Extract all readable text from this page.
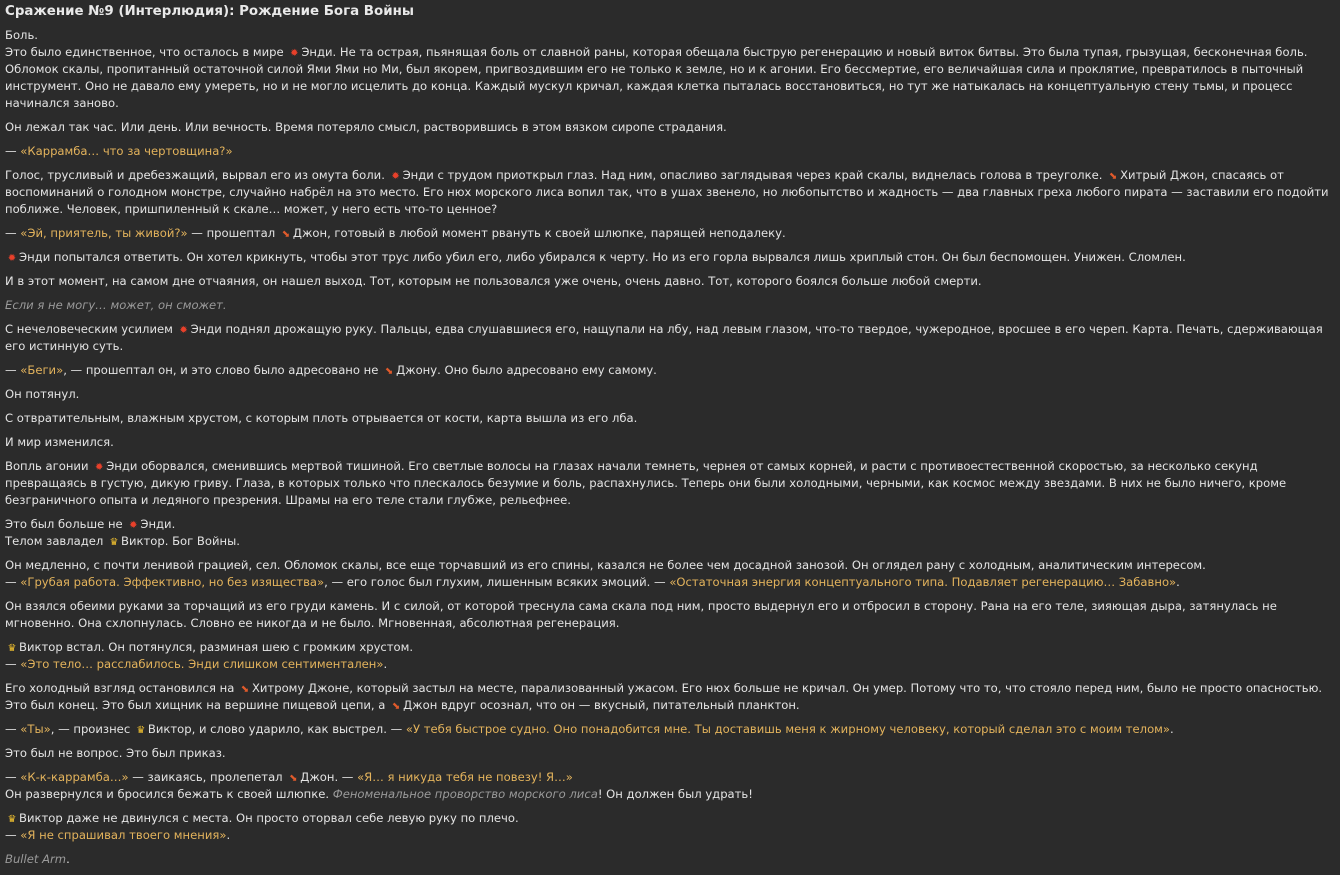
Сражение №9 (Интерлюдия): Рождение Бога Войны

Боль.
Это было единственное, что осталось в мире ✹ Энди. Не та острая, пьянящая боль от славной раны, которая обещала быструю регенерацию и новый виток битвы. Это была тупая, грызущая, бесконечная боль. Обломок скалы, пропитанный остаточной силой Ями Ями но Ми, был якорем, пригвоздившим его не только к земле, но и к агонии. Его бессмертие, его величайшая сила и проклятие, превратилось в пыточный инструмент. Оно не давало ему умереть, но и не могло исцелить до конца. Каждый мускул кричал, каждая клетка пыталась восстановиться, но тут же натыкалась на концептуальную стену тьмы, и процесс начинался заново.

Он лежал так час. Или день. Или вечность. Время потеряло смысл, растворившись в этом вязком сиропе страдания.

— «Каррамба… что за чертовщина?»

Голос, трусливый и дребезжащий, вырвал его из омута боли. ✹ Энди с трудом приоткрыл глаз. Над ним, опасливо заглядывая через край скалы, виднелась голова в треуголке. ⬊ Хитрый Джон, спасаясь от воспоминаний о голодном монстре, случайно набрёл на это место. Его нюх морского лиса вопил так, что в ушах звенело, но любопытство и жадность — два главных греха любого пирата — заставили его подойти поближе. Человек, пришпиленный к скале… может, у него есть что-то ценное?

— «Эй, приятель, ты живой?» — прошептал ⬊ Джон, готовый в любой момент рвануть к своей шлюпке, парящей неподалеку.

✹ Энди попытался ответить. Он хотел крикнуть, чтобы этот трус либо убил его, либо убирался к черту. Но из его горла вырвался лишь хриплый стон. Он был беспомощен. Унижен. Сломлен.

И в этот момент, на самом дне отчаяния, он нашел выход. Тот, которым не пользовался уже очень, очень давно. Тот, которого боялся больше любой смерти.

Если я не могу… может, он сможет.

С нечеловеческим усилием ✹ Энди поднял дрожащую руку. Пальцы, едва слушавшиеся его, нащупали на лбу, над левым глазом, что-то твердое, чужеродное, вросшее в его череп. Карта. Печать, сдерживающая его истинную суть.

— «Беги», — прошептал он, и это слово было адресовано не ⬊ Джону. Оно было адресовано ему самому.

Он потянул.

С отвратительным, влажным хрустом, с которым плоть отрывается от кости, карта вышла из его лба.

И мир изменился.

Вопль агонии ✹ Энди оборвался, сменившись мертвой тишиной. Его светлые волосы на глазах начали темнеть, чернея от самых корней, и расти с противоестественной скоростью, за несколько секунд превращаясь в густую, дикую гриву. Глаза, в которых только что плескалось безумие и боль, распахнулись. Теперь они были холодными, черными, как космос между звездами. В них не было ничего, кроме безграничного опыта и ледяного презрения. Шрамы на его теле стали глубже, рельефнее.

Это был больше не ✹ Энди.
Телом завладел ♛ Виктор. Бог Войны.

Он медленно, с почти ленивой грацией, сел. Обломок скалы, все еще торчавший из его спины, казался не более чем досадной занозой. Он оглядел рану с холодным, аналитическим интересом.
— «Грубая работа. Эффективно, но без изящества», — его голос был глухим, лишенным всяких эмоций. — «Остаточная энергия концептуального типа. Подавляет регенерацию… Забавно».

Он взялся обеими руками за торчащий из его груди камень. И с силой, от которой треснула сама скала под ним, просто выдернул его и отбросил в сторону. Рана на его теле, зияющая дыра, затянулась не мгновенно. Она схлопнулась. Словно ее никогда и не было. Мгновенная, абсолютная регенерация.

♛ Виктор встал. Он потянулся, разминая шею с громким хрустом.
— «Это тело… расслабилось. Энди слишком сентиментален».

Его холодный взгляд остановился на ⬊ Хитрому Джоне, который застыл на месте, парализованный ужасом. Его нюх больше не кричал. Он умер. Потому что то, что стояло перед ним, было не просто опасностью. Это был конец. Это был хищник на вершине пищевой цепи, а ⬊ Джон вдруг осознал, что он — вкусный, питательный планктон.

— «Ты», — произнес ♛ Виктор, и слово ударило, как выстрел. — «У тебя быстрое судно. Оно понадобится мне. Ты доставишь меня к жирному человеку, который сделал это с моим телом».

Это был не вопрос. Это был приказ.

— «К-к-каррамба…» — заикаясь, пролепетал ⬊ Джон. — «Я… я никуда тебя не повезу! Я…»
Он развернулся и бросился бежать к своей шлюпке. Феноменальное проворство морского лиса! Он должен был удрать!

♛ Виктор даже не двинулся с места. Он просто оторвал себе левую руку по плечо.
— «Я не спрашивал твоего мнения».

Bullet Arm.
